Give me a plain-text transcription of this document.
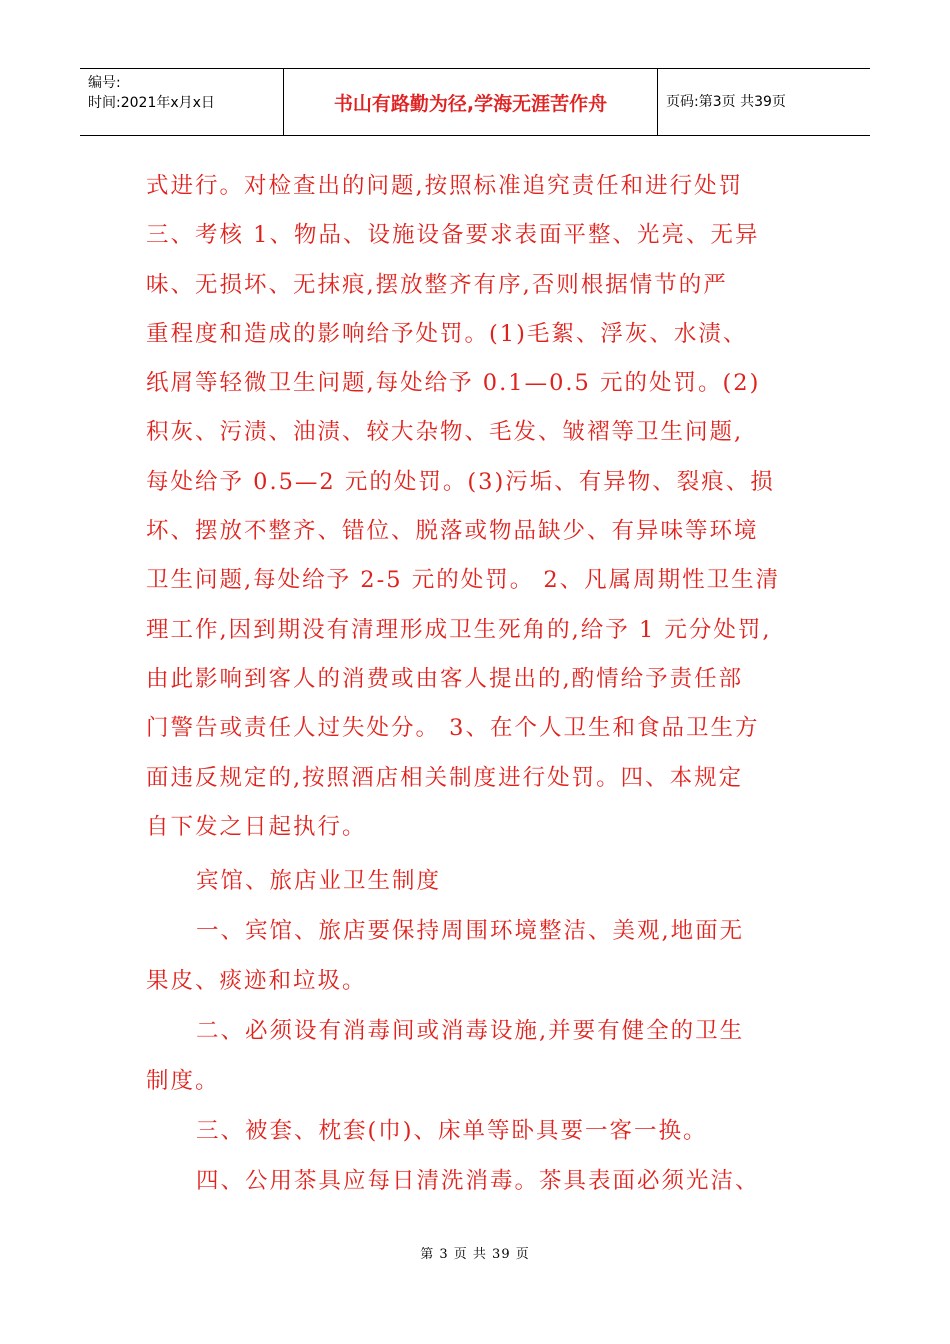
编号:
时间:2021年x月x日	书山有路勤为径,学海无涯苦作舟	页码:第3页 共39页
式进行。对检查出的问题,按照标准追究责任和进行处罚
三、考核 1、物品、设施设备要求表面平整、光亮、无异
味、无损坏、无抹痕,摆放整齐有序,否则根据情节的严
重程度和造成的影响给予处罚。(1)毛絮、浮灰、水渍、
纸屑等轻微卫生问题,每处给予 0.1—0.5 元的处罚。(2)
积灰、污渍、油渍、较大杂物、毛发、皱褶等卫生问题,
每处给予 0.5—2 元的处罚。(3)污垢、有异物、裂痕、损
坏、摆放不整齐、错位、脱落或物品缺少、有异味等环境
卫生问题,每处给予 2-5 元的处罚。 2、凡属周期性卫生清
理工作,因到期没有清理形成卫生死角的,给予 1 元分处罚,
由此影响到客人的消费或由客人提出的,酌情给予责任部
门警告或责任人过失处分。 3、在个人卫生和食品卫生方
面违反规定的,按照酒店相关制度进行处罚。四、本规定
自下发之日起执行。
宾馆、旅店业卫生制度
一、宾馆、旅店要保持周围环境整洁、美观,地面无
果皮、痰迹和垃圾。
二、必须设有消毒间或消毒设施,并要有健全的卫生
制度。
三、被套、枕套(巾)、床单等卧具要一客一换。
四、公用茶具应每日清洗消毒。茶具表面必须光洁、
第 3 页 共 39 页
